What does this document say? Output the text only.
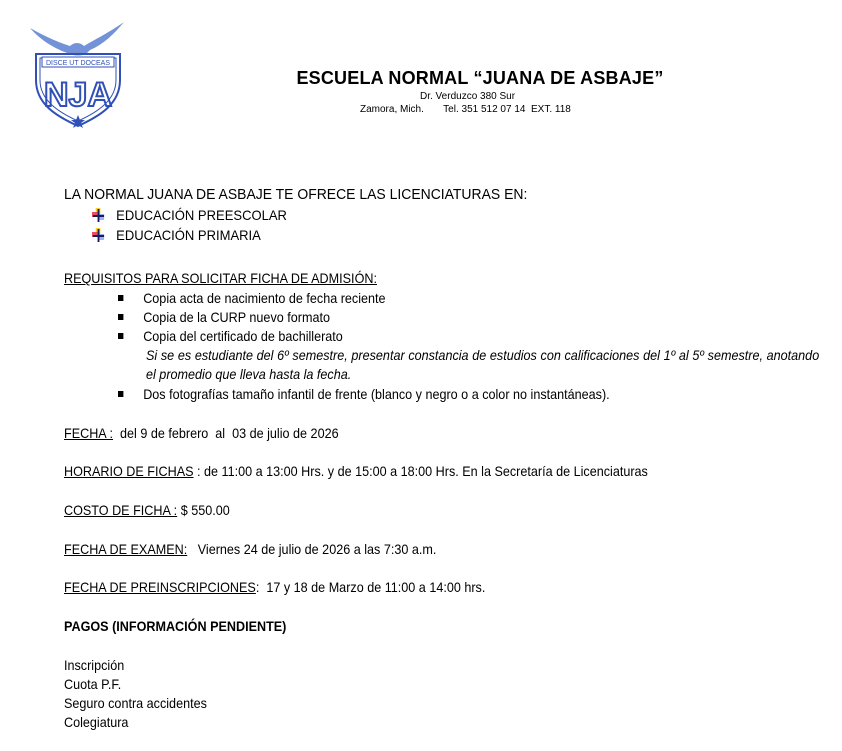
DISCE UT DOCEAS
NJA	ESCUELA NORMAL “JUANA DE ASBAJE”
Dr. Verduzco 380 Sur
Zamora, Mich.       Tel. 351 512 07 14  EXT. 118
LA NORMAL JUANA DE ASBAJE TE OFRECE LAS LICENCIATURAS EN:
EDUCACIÓN PREESCOLAR
EDUCACIÓN PRIMARIA
REQUISITOS PARA SOLICITAR FICHA DE ADMISIÓN:
Copia acta de nacimiento de fecha reciente
Copia de la CURP nuevo formato
Copia del certificado de bachillerato
Si se es estudiante del 6º semestre, presentar constancia de estudios con calificaciones del 1º al 5º semestre, anotando el promedio que lleva hasta la fecha.
Dos fotografías tamaño infantil de frente (blanco y negro o a color no instantáneas).
FECHA :  del 9 de febrero  al  03 de julio de 2026
HORARIO DE FICHAS : de 11:00 a 13:00 Hrs. y de 15:00 a 18:00 Hrs. En la Secretaría de Licenciaturas
COSTO DE FICHA : $ 550.00
FECHA DE EXAMEN:   Viernes 24 de julio de 2026 a las 7:30 a.m.
FECHA DE PREINSCRIPCIONES:  17 y 18 de Marzo de 11:00 a 14:00 hrs.
PAGOS (INFORMACIÓN PENDIENTE)
Inscripción
Cuota P.F.
Seguro contra accidentes
Colegiatura
